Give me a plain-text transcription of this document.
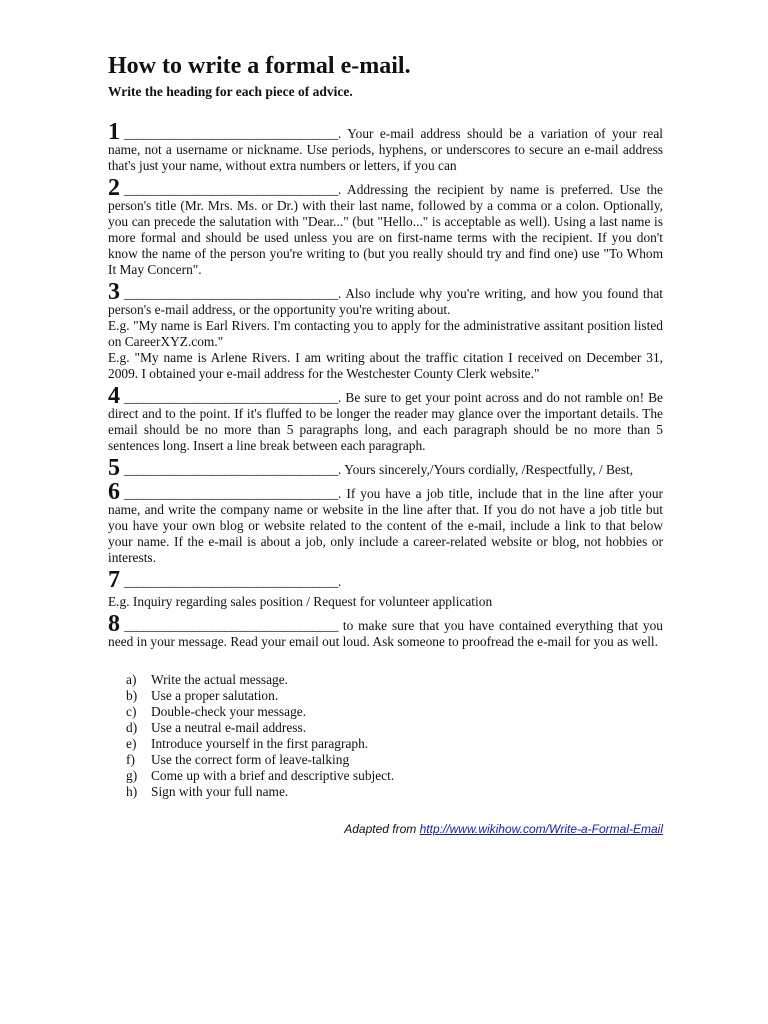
How to write a formal e-mail.

Write the heading for each piece of advice.

1 __________________________________. Your e-mail address should be a variation of your real name, not a username or nickname. Use periods, hyphens, or underscores to secure an e-mail address that's just your name, without extra numbers or letters, if you can

2 __________________________________. Addressing the recipient by name is preferred. Use the person's title (Mr. Mrs. Ms. or Dr.) with their last name, followed by a comma or a colon. Optionally, you can precede the salutation with "Dear..." (but "Hello..." is acceptable as well). Using a last name is more formal and should be used unless you are on first-name terms with the recipient. If you don't know the name of the person you're writing to (but you really should try and find one) use "To Whom It May Concern".

3 __________________________________. Also include why you're writing, and how you found that person's e-mail address, or the opportunity you're writing about.
E.g. "My name is Earl Rivers. I'm contacting you to apply for the administrative assitant position listed on CareerXYZ.com."
E.g. "My name is Arlene Rivers. I am writing about the traffic citation I received on December 31, 2009. I obtained your e-mail address for the Westchester County Clerk website."

4 __________________________________. Be sure to get your point across and do not ramble on! Be direct and to the point. If it's fluffed to be longer the reader may glance over the important details. The email should be no more than 5 paragraphs long, and each paragraph should be no more than 5 sentences long. Insert a line break between each paragraph.

5 __________________________________. Yours sincerely,/Yours cordially, /Respectfully, / Best,

6 __________________________________. If you have a job title, include that in the line after your name, and write the company name or website in the line after that. If you do not have a job title but you have your own blog or website related to the content of the e-mail, include a link to that below your name. If the e-mail is about a job, only include a career-related website or blog, not hobbies or interests.

7 __________________________________.
E.g. Inquiry regarding sales position / Request for volunteer application

8 __________________________________ to make sure that you have contained everything that you need in your message. Read your email out loud. Ask someone to proofread the e-mail for you as well.

a)	Write the actual message.
b)	Use a proper salutation.
c)	Double-check your message.
d)	Use a neutral e-mail address.
e)	Introduce yourself in the first paragraph.
f)	Use the correct form of leave-talking
g)	Come up with a brief and descriptive subject.
h)	Sign with your full name.
Adapted from http://www.wikihow.com/Write-a-Formal-Email
